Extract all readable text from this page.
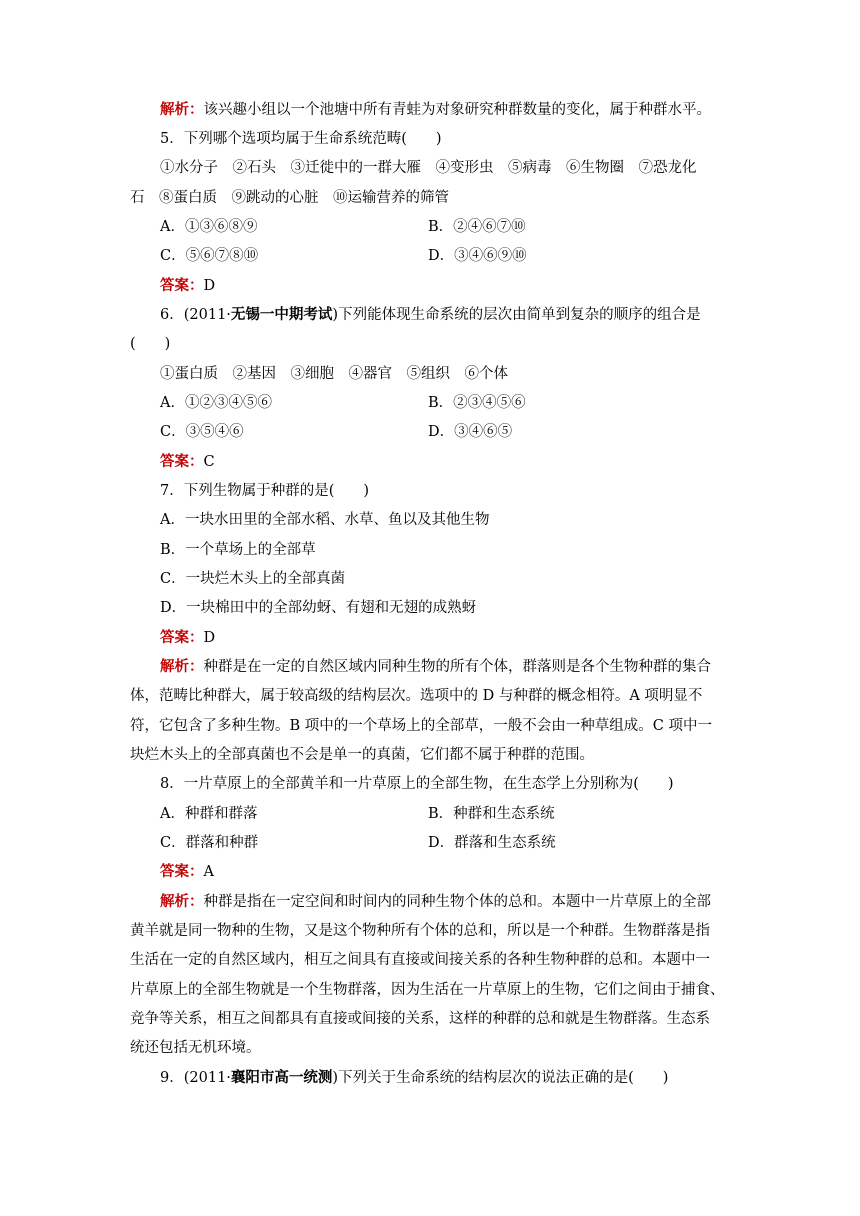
解析：该兴趣小组以一个池塘中所有青蛙为对象研究种群数量的变化，属于种群水平。
5．下列哪个选项均属于生命系统范畴(　　)
①水分子　②石头　③迁徙中的一群大雁　④变形虫　⑤病毒　⑥生物圈　⑦恐龙化
石　⑧蛋白质　⑨跳动的心脏　⑩运输营养的筛管
A．①③⑥⑧⑨	B．②④⑥⑦⑩
C．⑤⑥⑦⑧⑩	D．③④⑥⑨⑩
答案：D
6．(2011·无锡一中期考试)下列能体现生命系统的层次由简单到复杂的顺序的组合是
(　　)
①蛋白质　②基因　③细胞　④器官　⑤组织　⑥个体
A．①②③④⑤⑥	B．②③④⑤⑥
C．③⑤④⑥	D．③④⑥⑤
答案：C
7．下列生物属于种群的是(　　)
A．一块水田里的全部水稻、水草、鱼以及其他生物
B．一个草场上的全部草
C．一块烂木头上的全部真菌
D．一块棉田中的全部幼蚜、有翅和无翅的成熟蚜
答案：D
解析：种群是在一定的自然区域内同种生物的所有个体，群落则是各个生物种群的集合
体，范畴比种群大，属于较高级的结构层次。选项中的 D 与种群的概念相符。A 项明显不
符，它包含了多种生物。B 项中的一个草场上的全部草，一般不会由一种草组成。C 项中一
块烂木头上的全部真菌也不会是单一的真菌，它们都不属于种群的范围。
8．一片草原上的全部黄羊和一片草原上的全部生物，在生态学上分别称为(　　)
A．种群和群落	B．种群和生态系统
C．群落和种群	D．群落和生态系统
答案：A
解析：种群是指在一定空间和时间内的同种生物个体的总和。本题中一片草原上的全部
黄羊就是同一物种的生物，又是这个物种所有个体的总和，所以是一个种群。生物群落是指
生活在一定的自然区域内，相互之间具有直接或间接关系的各种生物种群的总和。本题中一
片草原上的全部生物就是一个生物群落，因为生活在一片草原上的生物，它们之间由于捕食、
竞争等关系，相互之间都具有直接或间接的关系，这样的种群的总和就是生物群落。生态系
统还包括无机环境。
9．(2011·襄阳市高一统测)下列关于生命系统的结构层次的说法正确的是(　　)
